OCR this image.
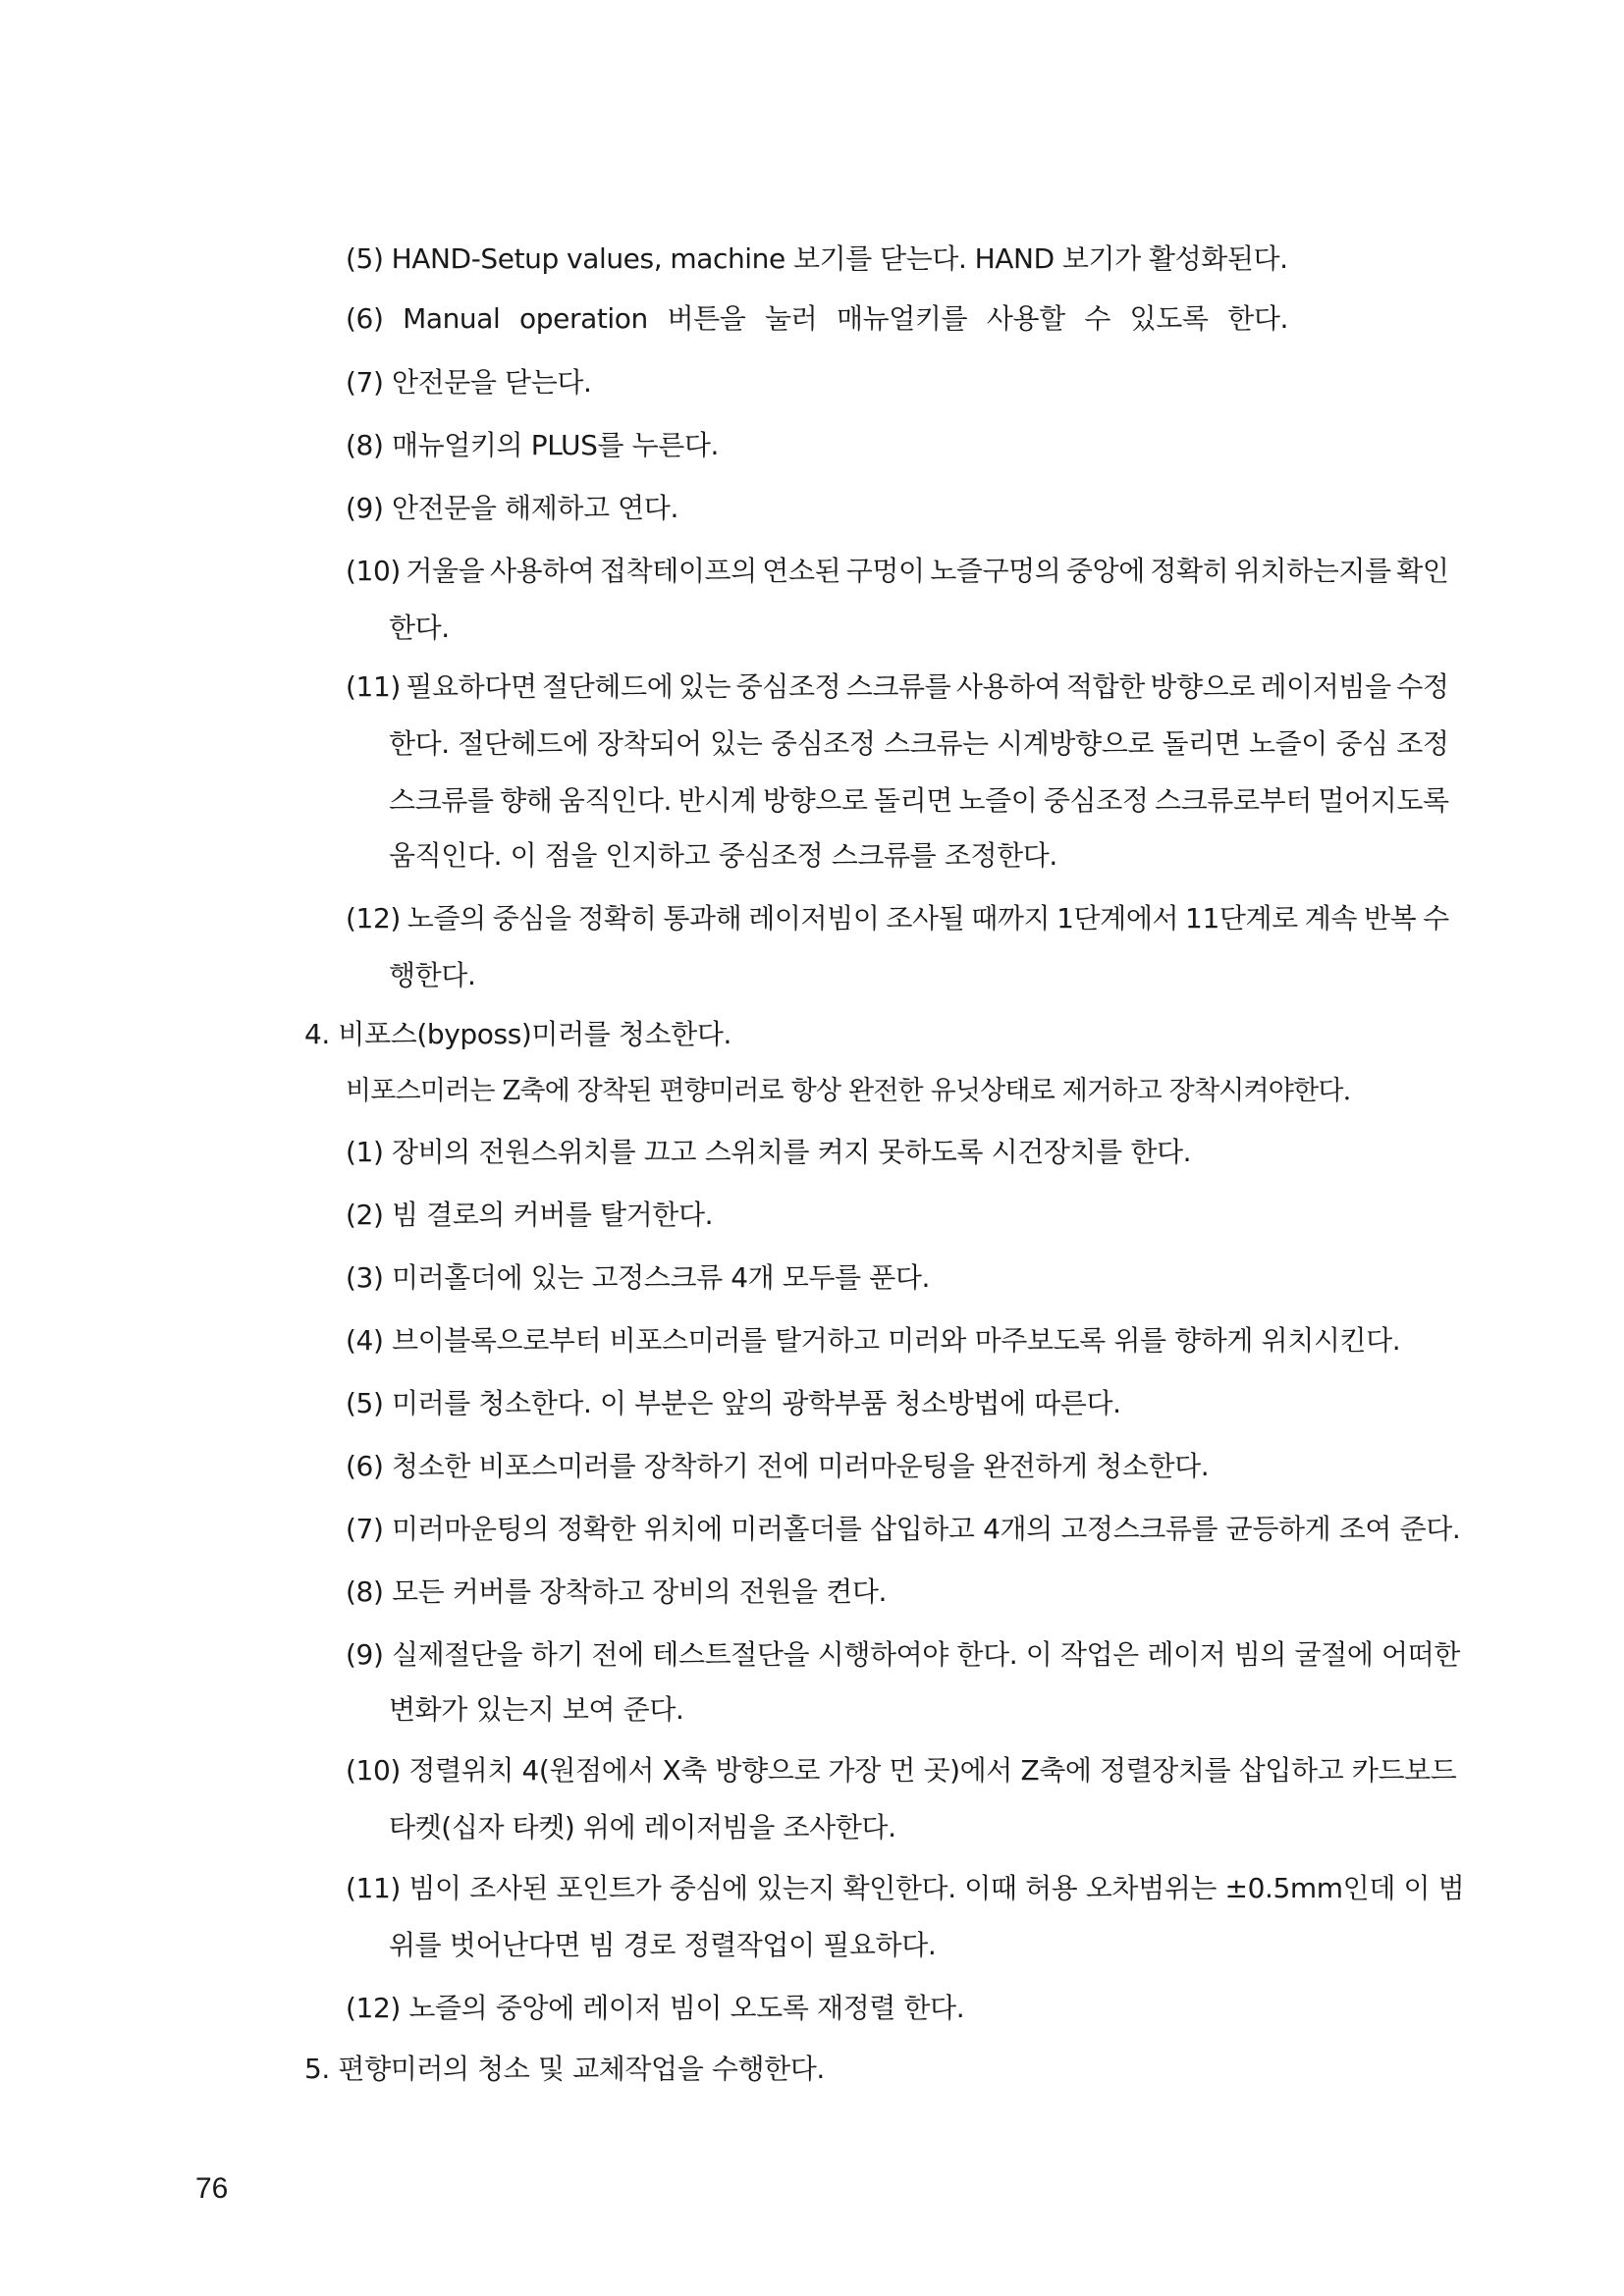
(5) HAND-Setup values, machine 보기를 닫는다. HAND 보기가 활성화된다.
(6) Manual operation 버튼을 눌러 매뉴얼키를 사용할 수 있도록 한다.
(7) 안전문을 닫는다.
(8) 매뉴얼키의 PLUS를 누른다.
(9) 안전문을 해제하고 연다.
(10) 거울을 사용하여 접착테이프의 연소된 구멍이 노즐구멍의 중앙에 정확히 위치하는지를 확인
한다.
(11) 필요하다면 절단헤드에 있는 중심조정 스크류를 사용하여 적합한 방향으로 레이저빔을 수정
한다. 절단헤드에 장착되어 있는 중심조정 스크류는 시계방향으로 돌리면 노즐이 중심 조정
스크류를 향해 움직인다. 반시계 방향으로 돌리면 노즐이 중심조정 스크류로부터 멀어지도록
움직인다. 이 점을 인지하고 중심조정 스크류를 조정한다.
(12) 노즐의 중심을 정확히 통과해 레이저빔이 조사될 때까지 1단계에서 11단계로 계속 반복 수
행한다.
4. 비포스(byposs)미러를 청소한다.
비포스미러는 Z축에 장착된 편향미러로 항상 완전한 유닛상태로 제거하고 장착시켜야한다.
(1) 장비의 전원스위치를 끄고 스위치를 켜지 못하도록 시건장치를 한다.
(2) 빔 결로의 커버를 탈거한다.
(3) 미러홀더에 있는 고정스크류 4개 모두를 푼다.
(4) 브이블록으로부터 비포스미러를 탈거하고 미러와 마주보도록 위를 향하게 위치시킨다.
(5) 미러를 청소한다. 이 부분은 앞의 광학부품 청소방법에 따른다.
(6) 청소한 비포스미러를 장착하기 전에 미러마운팅을 완전하게 청소한다.
(7) 미러마운팅의 정확한 위치에 미러홀더를 삽입하고 4개의 고정스크류를 균등하게 조여 준다.
(8) 모든 커버를 장착하고 장비의 전원을 켠다.
(9) 실제절단을 하기 전에 테스트절단을 시행하여야 한다. 이 작업은 레이저 빔의 굴절에 어떠한
변화가 있는지 보여 준다.
(10) 정렬위치 4(원점에서 X축 방향으로 가장 먼 곳)에서 Z축에 정렬장치를 삽입하고 카드보드
타켓(십자 타켓) 위에 레이저빔을 조사한다.
(11) 빔이 조사된 포인트가 중심에 있는지 확인한다. 이때 허용 오차범위는 ±0.5mm인데 이 범
위를 벗어난다면 빔 경로 정렬작업이 필요하다.
(12) 노즐의 중앙에 레이저 빔이 오도록 재정렬 한다.
5. 편향미러의 청소 및 교체작업을 수행한다.
76
